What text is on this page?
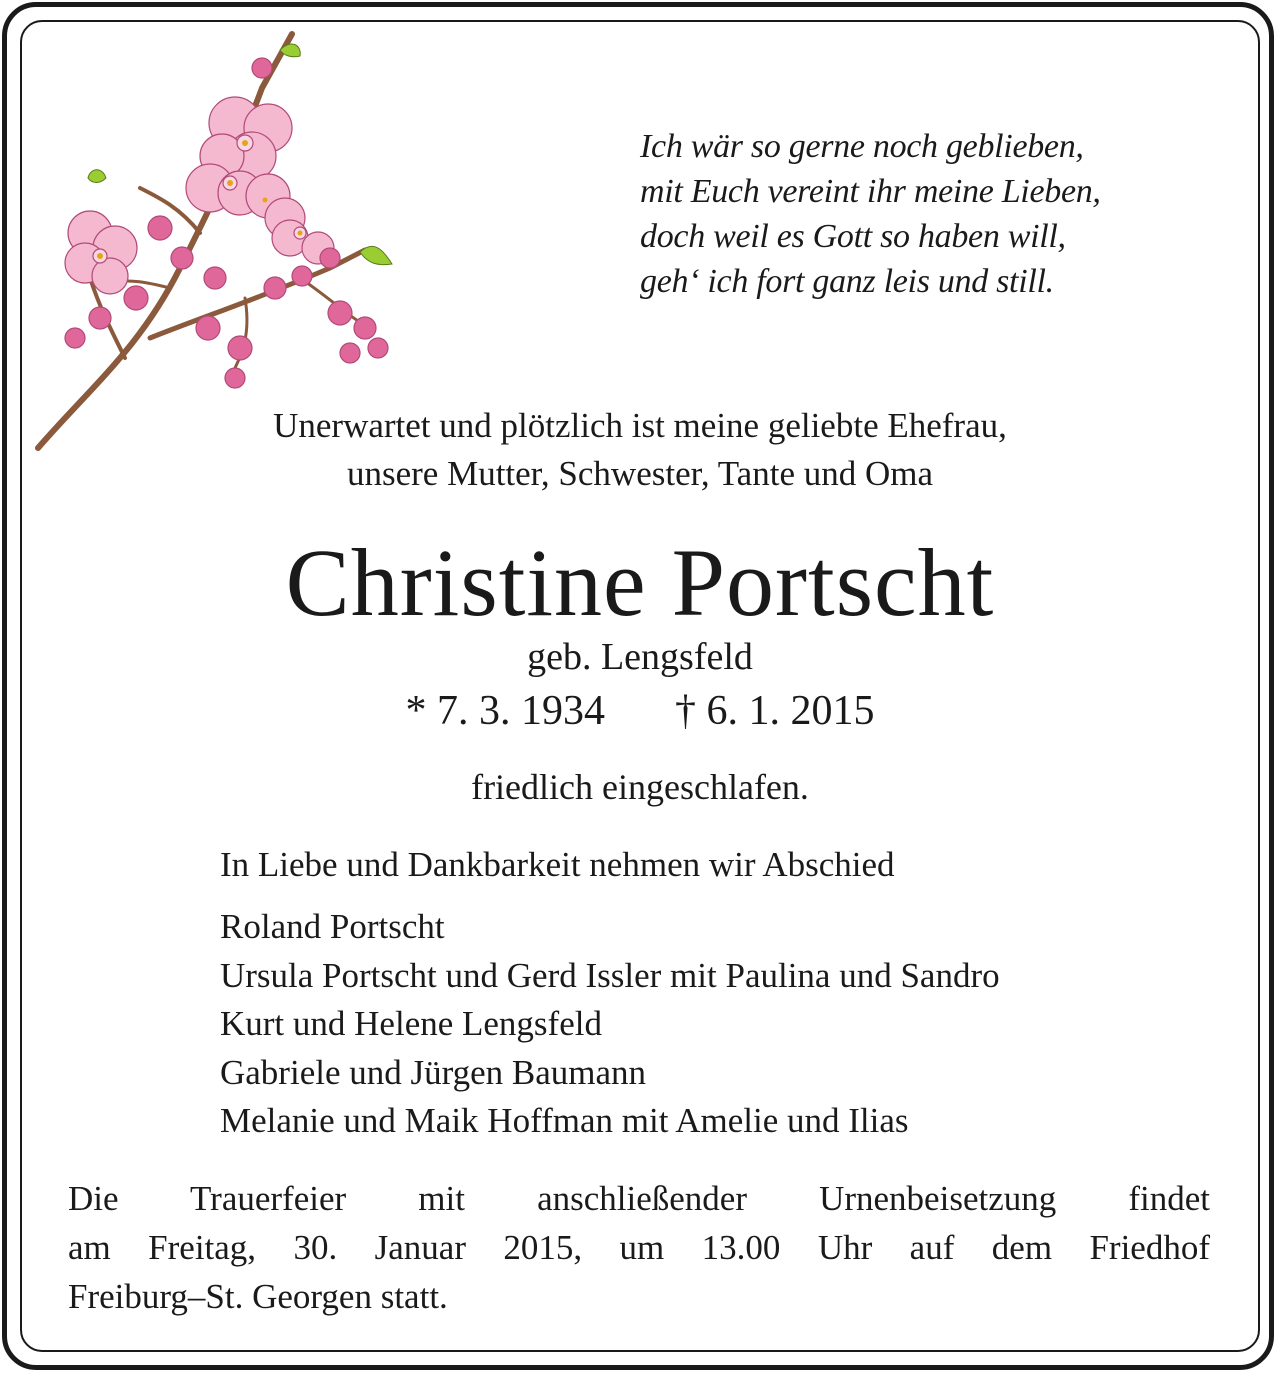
Ich wär so gerne noch geblieben,
mit Euch vereint ihr meine Lieben,
doch weil es Gott so haben will,
geh‘ ich fort ganz leis und still.
Unerwartet und plötzlich ist meine geliebte Ehefrau,
unsere Mutter, Schwester, Tante und Oma
Christine Portscht
geb. Lengsfeld
* 7. 3. 1934 † 6. 1. 2015
friedlich eingeschlafen.
In Liebe und Dankbarkeit nehmen wir Abschied
Roland Portscht
Ursula Portscht und Gerd Issler mit Paulina und Sandro
Kurt und Helene Lengsfeld
Gabriele und Jürgen Baumann
Melanie und Maik Hoffman mit Amelie und Ilias
Die Trauerfeier mit anschließender Urnenbeisetzung findet
am Freitag, 30. Januar 2015, um 13.00 Uhr auf dem Friedhof
Freiburg–St. Georgen statt.
